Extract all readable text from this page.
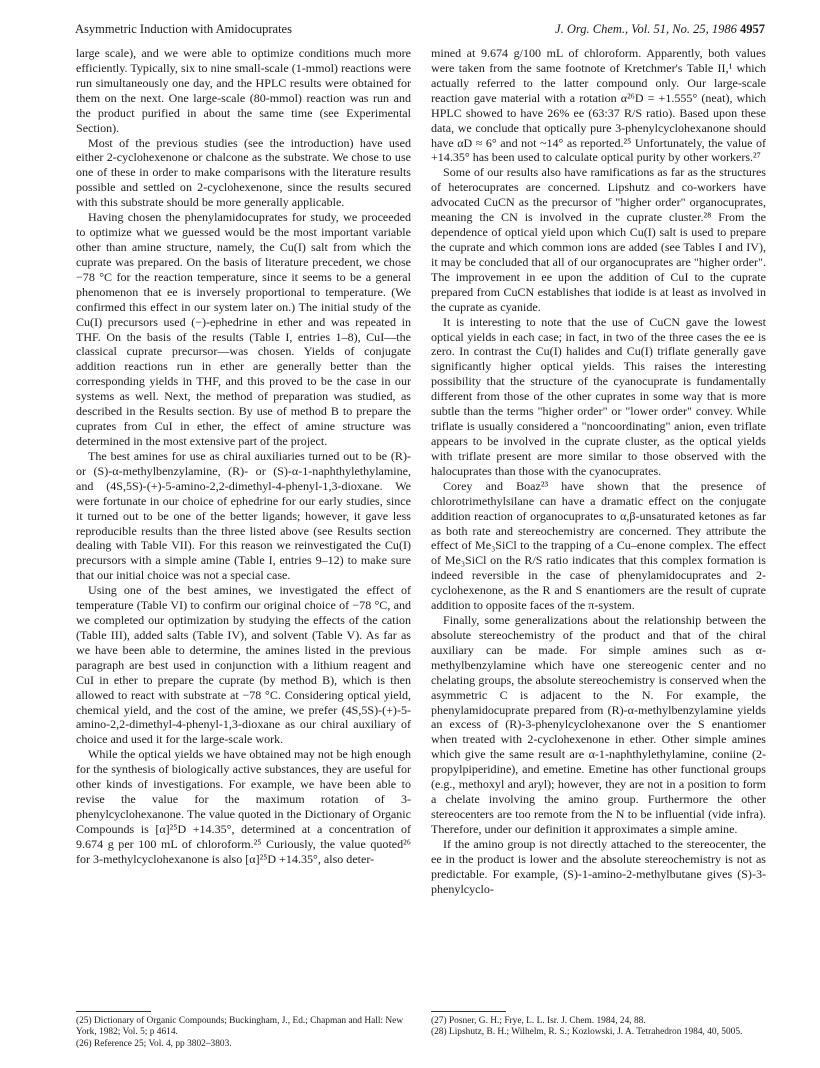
Asymmetric Induction with Amidocuprates	J. Org. Chem., Vol. 51, No. 25, 1986 4957

large scale), and we were able to optimize conditions much more efficiently. Typically, six to nine small-scale (1-mmol) reactions were run simultaneously one day, and the HPLC results were obtained for them on the next. One large-scale (80-mmol) reaction was run and the product purified in about the same time (see Experimental Section).

Most of the previous studies (see the introduction) have used either 2-cyclohexenone or chalcone as the substrate. We chose to use one of these in order to make comparisons with the literature results possible and settled on 2-cyclohexenone, since the results secured with this substrate should be more generally applicable.

Having chosen the phenylamidocuprates for study, we proceeded to optimize what we guessed would be the most important variable other than amine structure, namely, the Cu(I) salt from which the cuprate was prepared. On the basis of literature precedent, we chose −78 °C for the reaction temperature, since it seems to be a general phenomenon that ee is inversely proportional to temperature. (We confirmed this effect in our system later on.) The initial study of the Cu(I) precursors used (−)-ephedrine in ether and was repeated in THF. On the basis of the results (Table I, entries 1–8), CuI—the classical cuprate precursor—was chosen. Yields of conjugate addition reactions run in ether are generally better than the corresponding yields in THF, and this proved to be the case in our systems as well. Next, the method of preparation was studied, as described in the Results section. By use of method B to prepare the cuprates from CuI in ether, the effect of amine structure was determined in the most extensive part of the project.

The best amines for use as chiral auxiliaries turned out to be (R)- or (S)-α-methylbenzylamine, (R)- or (S)-α-1-naphthylethylamine, and (4S,5S)-(+)-5-amino-2,2-dimethyl-4-phenyl-1,3-dioxane. We were fortunate in our choice of ephedrine for our early studies, since it turned out to be one of the better ligands; however, it gave less reproducible results than the three listed above (see Results section dealing with Table VII). For this reason we reinvestigated the Cu(I) precursors with a simple amine (Table I, entries 9–12) to make sure that our initial choice was not a special case.

Using one of the best amines, we investigated the effect of temperature (Table VI) to confirm our original choice of −78 °C, and we completed our optimization by studying the effects of the cation (Table III), added salts (Table IV), and solvent (Table V). As far as we have been able to determine, the amines listed in the previous paragraph are best used in conjunction with a lithium reagent and CuI in ether to prepare the cuprate (by method B), which is then allowed to react with substrate at −78 °C. Considering optical yield, chemical yield, and the cost of the amine, we prefer (4S,5S)-(+)-5-amino-2,2-dimethyl-4-phenyl-1,3-dioxane as our chiral auxiliary of choice and used it for the large-scale work.

While the optical yields we have obtained may not be high enough for the synthesis of biologically active substances, they are useful for other kinds of investigations. For example, we have been able to revise the value for the maximum rotation of 3-phenylcyclohexanone. The value quoted in the Dictionary of Organic Compounds is [α]²⁵D +14.35°, determined at a concentration of 9.674 g per 100 mL of chloroform.²⁵ Curiously, the value quoted²⁶ for 3-methylcyclohexanone is also [α]²⁵D +14.35°, also deter-

mined at 9.674 g/100 mL of chloroform. Apparently, both values were taken from the same footnote of Kretchmer's Table II,¹ which actually referred to the latter compound only. Our large-scale reaction gave material with a rotation α²⁶D = +1.555° (neat), which HPLC showed to have 26% ee (63:37 R/S ratio). Based upon these data, we conclude that optically pure 3-phenylcyclohexanone should have αD ≈ 6° and not ~14° as reported.²⁵ Unfortunately, the value of +14.35° has been used to calculate optical purity by other workers.²⁷

Some of our results also have ramifications as far as the structures of heterocuprates are concerned. Lipshutz and co-workers have advocated CuCN as the precursor of "higher order" organocuprates, meaning the CN is involved in the cuprate cluster.²⁸ From the dependence of optical yield upon which Cu(I) salt is used to prepare the cuprate and which common ions are added (see Tables I and IV), it may be concluded that all of our organocuprates are "higher order". The improvement in ee upon the addition of CuI to the cuprate prepared from CuCN establishes that iodide is at least as involved in the cuprate as cyanide.

It is interesting to note that the use of CuCN gave the lowest optical yields in each case; in fact, in two of the three cases the ee is zero. In contrast the Cu(I) halides and Cu(I) triflate generally gave significantly higher optical yields. This raises the interesting possibility that the structure of the cyanocuprate is fundamentally different from those of the other cuprates in some way that is more subtle than the terms "higher order" or "lower order" convey. While triflate is usually considered a "noncoordinating" anion, even triflate appears to be involved in the cuprate cluster, as the optical yields with triflate present are more similar to those observed with the halocuprates than those with the cyanocuprates.

Corey and Boaz²³ have shown that the presence of chlorotrimethylsilane can have a dramatic effect on the conjugate addition reaction of organocuprates to α,β-unsaturated ketones as far as both rate and stereochemistry are concerned. They attribute the effect of Me₃SiCl to the trapping of a Cu–enone complex. The effect of Me₃SiCl on the R/S ratio indicates that this complex formation is indeed reversible in the case of phenylamidocuprates and 2-cyclohexenone, as the R and S enantiomers are the result of cuprate addition to opposite faces of the π-system.

Finally, some generalizations about the relationship between the absolute stereochemistry of the product and that of the chiral auxiliary can be made. For simple amines such as α-methylbenzylamine which have one stereogenic center and no chelating groups, the absolute stereochemistry is conserved when the asymmetric C is adjacent to the N. For example, the phenylamidocuprate prepared from (R)-α-methylbenzylamine yields an excess of (R)-3-phenylcyclohexanone over the S enantiomer when treated with 2-cyclohexenone in ether. Other simple amines which give the same result are α-1-naphthylethylamine, coniine (2-propylpiperidine), and emetine. Emetine has other functional groups (e.g., methoxyl and aryl); however, they are not in a position to form a chelate involving the amino group. Furthermore the other stereocenters are too remote from the N to be influential (vide infra). Therefore, under our definition it approximates a simple amine.

If the amino group is not directly attached to the stereocenter, the ee in the product is lower and the absolute stereochemistry is not as predictable. For example, (S)-1-amino-2-methylbutane gives (S)-3-phenylcyclo-

(25) Dictionary of Organic Compounds; Buckingham, J., Ed.; Chapman and Hall: New York, 1982; Vol. 5; p 4614.

(26) Reference 25; Vol. 4, pp 3802–3803.

(27) Posner, G. H.; Frye, L. L. Isr. J. Chem. 1984, 24, 88.

(28) Lipshutz, B. H.; Wilhelm, R. S.; Kozlowski, J. A. Tetrahedron 1984, 40, 5005.
